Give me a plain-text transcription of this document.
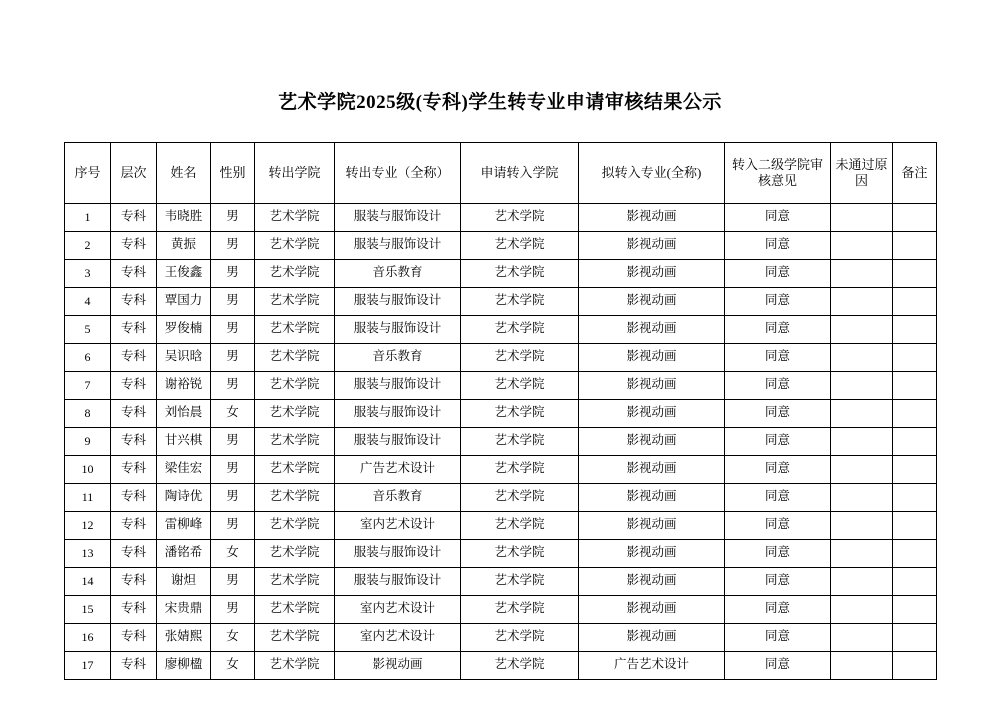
艺术学院2025级(专科)学生转专业申请审核结果公示
序号	层次	姓名	性别	转出学院	转出专业（全称）	申请转入学院	拟转入专业(全称)	转入二级学院审核意见	未通过原因	备注
1	专科	韦晓胜	男	艺术学院	服装与服饰设计	艺术学院	影视动画	同意		
2	专科	黄振	男	艺术学院	服装与服饰设计	艺术学院	影视动画	同意		
3	专科	王俊鑫	男	艺术学院	音乐教育	艺术学院	影视动画	同意		
4	专科	覃国力	男	艺术学院	服装与服饰设计	艺术学院	影视动画	同意		
5	专科	罗俊楠	男	艺术学院	服装与服饰设计	艺术学院	影视动画	同意		
6	专科	吴识晗	男	艺术学院	音乐教育	艺术学院	影视动画	同意		
7	专科	谢裕锐	男	艺术学院	服装与服饰设计	艺术学院	影视动画	同意		
8	专科	刘怡晨	女	艺术学院	服装与服饰设计	艺术学院	影视动画	同意		
9	专科	甘兴棋	男	艺术学院	服装与服饰设计	艺术学院	影视动画	同意		
10	专科	梁佳宏	男	艺术学院	广告艺术设计	艺术学院	影视动画	同意		
11	专科	陶诗优	男	艺术学院	音乐教育	艺术学院	影视动画	同意		
12	专科	雷柳峰	男	艺术学院	室内艺术设计	艺术学院	影视动画	同意		
13	专科	潘铭希	女	艺术学院	服装与服饰设计	艺术学院	影视动画	同意		
14	专科	谢炟	男	艺术学院	服装与服饰设计	艺术学院	影视动画	同意		
15	专科	宋贵鼎	男	艺术学院	室内艺术设计	艺术学院	影视动画	同意		
16	专科	张婧熙	女	艺术学院	室内艺术设计	艺术学院	影视动画	同意		
17	专科	廖柳楹	女	艺术学院	影视动画	艺术学院	广告艺术设计	同意		
